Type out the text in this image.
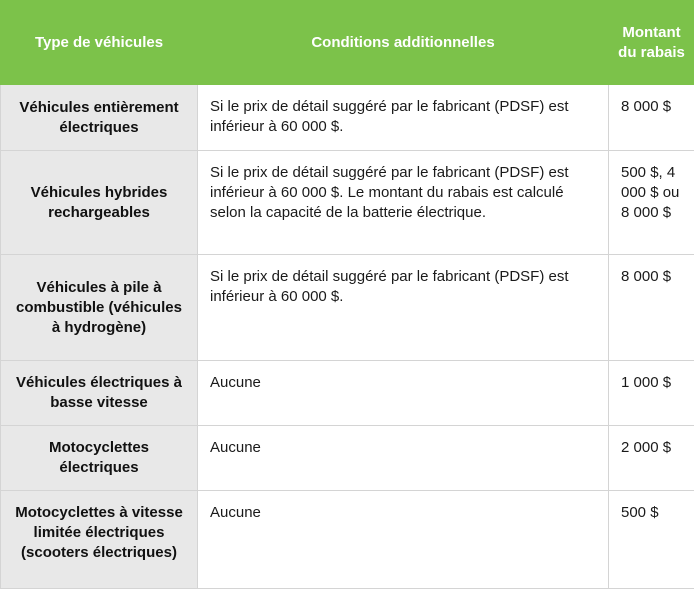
Type de véhicules	Conditions additionnelles	Montant du rabais
Véhicules entièrement électriques	Si le prix de détail suggéré par le fabricant (PDSF) est inférieur à 60 000 $.	8 000 $
Véhicules hybrides rechargeables	Si le prix de détail suggéré par le fabricant (PDSF) est inférieur à 60 000 $. Le montant du rabais est calculé selon la capacité de la batterie électrique.	500 $, 4 000 $ ou 8 000 $
Véhicules à pile à combustible (véhicules à hydrogène)	Si le prix de détail suggéré par le fabricant (PDSF) est inférieur à 60 000 $.	8 000 $
Véhicules électriques à basse vitesse	Aucune	1 000 $
Motocyclettes électriques	Aucune	2 000 $
Motocyclettes à vitesse limitée électriques (scooters électriques)	Aucune	500 $
